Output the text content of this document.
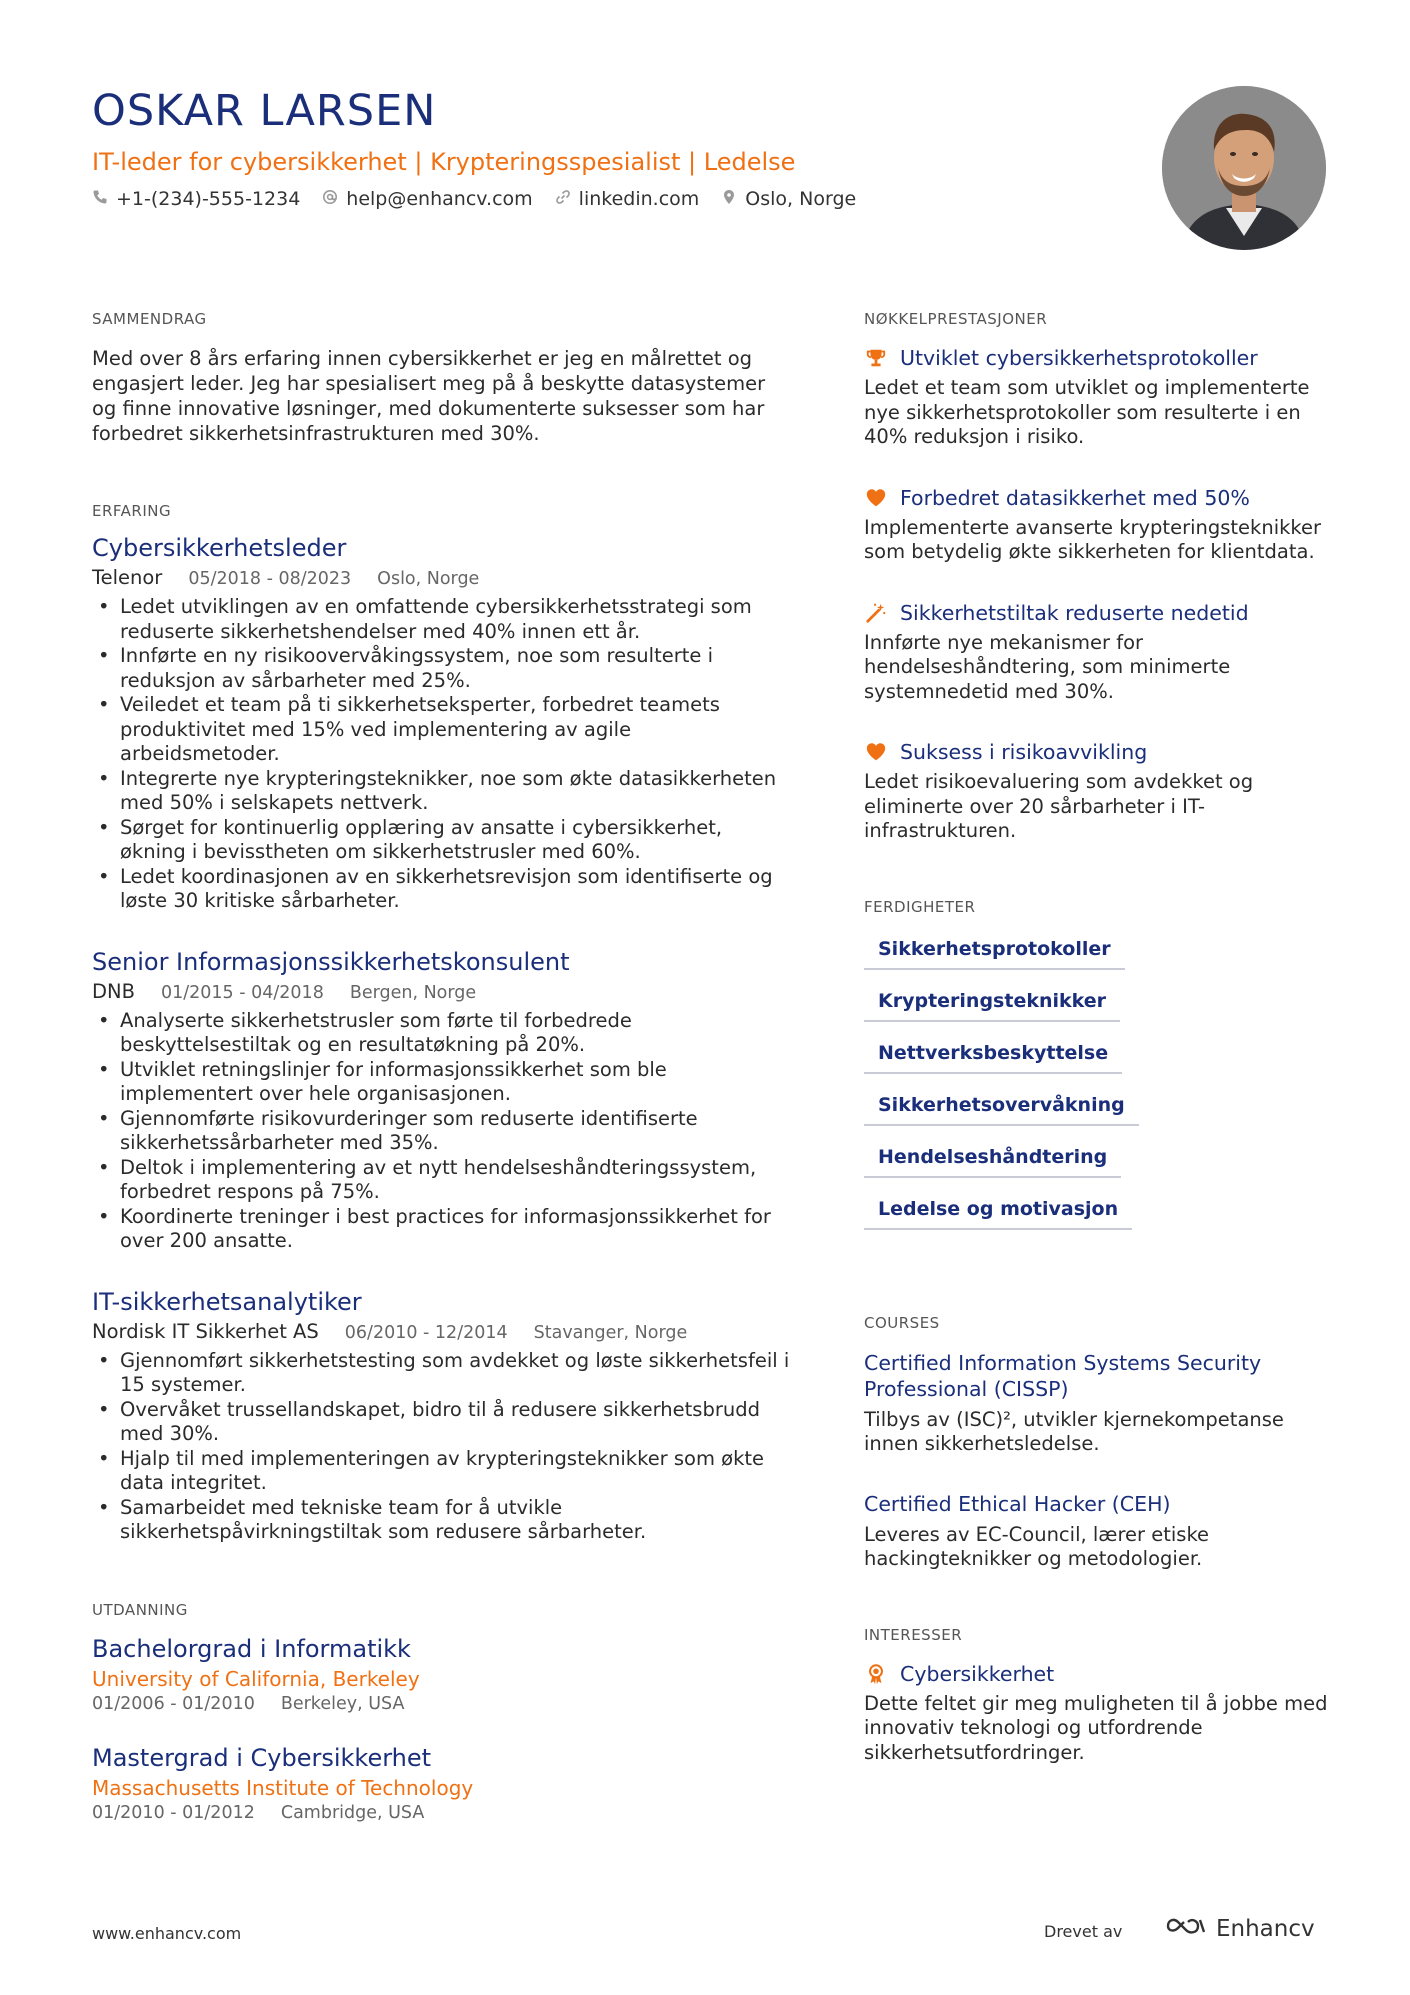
OSKAR LARSEN
IT-leder for cybersikkerhet | Krypteringsspesialist | Ledelse
+1-(234)-555-1234 help@enhancv.com linkedin.com Oslo, Norge
SAMMENDRAG
Med over 8 års erfaring innen cybersikkerhet er jeg en målrettet og engasjert leder. Jeg har spesialisert meg på å beskytte datasystemer og finne innovative løsninger, med dokumenterte suksesser som har forbedret sikkerhetsinfrastrukturen med 30%.
ERFARING
Cybersikkerhetsleder
Telenor 05/2018 - 08/2023 Oslo, Norge
• Ledet utviklingen av en omfattende cybersikkerhetsstrategi som reduserte sikkerhetshendelser med 40% innen ett år.
• Innførte en ny risikoovervåkingssystem, noe som resulterte i reduksjon av sårbarheter med 25%.
• Veiledet et team på ti sikkerhetseksperter, forbedret teamets produktivitet med 15% ved implementering av agile arbeidsmetoder.
• Integrerte nye krypteringsteknikker, noe som økte datasikkerheten med 50% i selskapets nettverk.
• Sørget for kontinuerlig opplæring av ansatte i cybersikkerhet, økning i bevisstheten om sikkerhetstrusler med 60%.
• Ledet koordinasjonen av en sikkerhetsrevisjon som identifiserte og løste 30 kritiske sårbarheter.
Senior Informasjonssikkerhetskonsulent
DNB 01/2015 - 04/2018 Bergen, Norge
• Analyserte sikkerhetstrusler som førte til forbedrede beskyttelsestiltak og en resultatøkning på 20%.
• Utviklet retningslinjer for informasjonssikkerhet som ble implementert over hele organisasjonen.
• Gjennomførte risikovurderinger som reduserte identifiserte sikkerhetssårbarheter med 35%.
• Deltok i implementering av et nytt hendelseshåndteringssystem, forbedret respons på 75%.
• Koordinerte treninger i best practices for informasjonssikkerhet for over 200 ansatte.
IT-sikkerhetsanalytiker
Nordisk IT Sikkerhet AS 06/2010 - 12/2014 Stavanger, Norge
• Gjennomført sikkerhetstesting som avdekket og løste sikkerhetsfeil i 15 systemer.
• Overvåket trussellandskapet, bidro til å redusere sikkerhetsbrudd med 30%.
• Hjalp til med implementeringen av krypteringsteknikker som økte data integritet.
• Samarbeidet med tekniske team for å utvikle sikkerhetspåvirkningstiltak som redusere sårbarheter.
UTDANNING
Bachelorgrad i Informatikk
University of California, Berkeley
01/2006 - 01/2010 Berkeley, USA
Mastergrad i Cybersikkerhet
Massachusetts Institute of Technology
01/2010 - 01/2012 Cambridge, USA
NØKKELPRESTASJONER
Utviklet cybersikkerhetsprotokoller
Ledet et team som utviklet og implementerte nye sikkerhetsprotokoller som resulterte i en 40% reduksjon i risiko.
Forbedret datasikkerhet med 50%
Implementerte avanserte krypteringsteknikker som betydelig økte sikkerheten for klientdata.
Sikkerhetstiltak reduserte nedetid
Innførte nye mekanismer for hendelseshåndtering, som minimerte systemnedetid med 30%.
Suksess i risikoavvikling
Ledet risikoevaluering som avdekket og eliminerte over 20 sårbarheter i IT-infrastrukturen.
FERDIGHETER
Sikkerhetsprotokoller
Krypteringsteknikker
Nettverksbeskyttelse
Sikkerhetsovervåkning
Hendelseshåndtering
Ledelse og motivasjon
COURSES
Certified Information Systems Security Professional (CISSP)
Tilbys av (ISC)², utvikler kjernekompetanse innen sikkerhetsledelse.
Certified Ethical Hacker (CEH)
Leveres av EC-Council, lærer etiske hackingteknikker og metodologier.
INTERESSER
Cybersikkerhet
Dette feltet gir meg muligheten til å jobbe med innovativ teknologi og utfordrende sikkerhetsutfordringer.
www.enhancv.com	Drevet av	Enhancv
